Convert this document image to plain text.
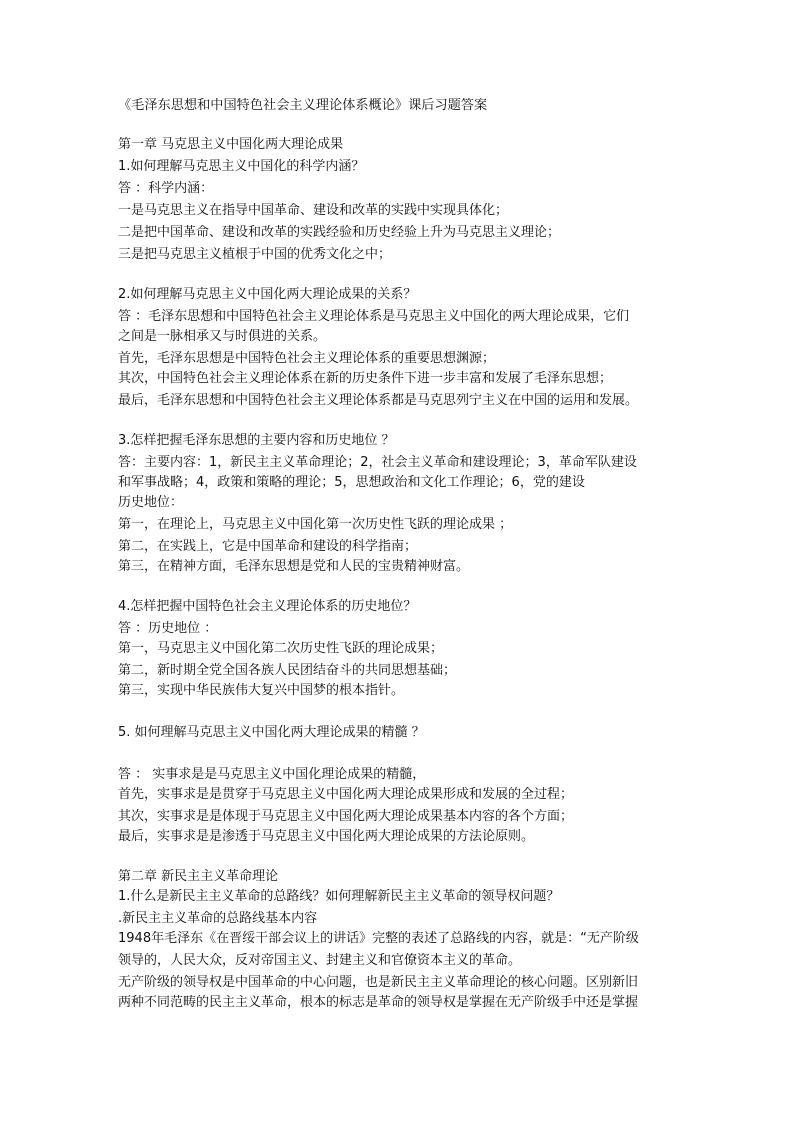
《毛泽东思想和中国特色社会主义理论体系概论》课后习题答案
第一章 马克思主义中国化两大理论成果
1.如何理解马克思主义中国化的科学内涵？
答 ：科学内涵：
一是马克思主义在指导中国革命、建设和改革的实践中实现具体化；
二是把中国革命、建设和改革的实践经验和历史经验上升为马克思主义理论；
三是把马克思主义植根于中国的优秀文化之中；
2.如何理解马克思主义中国化两大理论成果的关系？
答 ：毛泽东思想和中国特色社会主义理论体系是马克思主义中国化的两大理论成果，它们
之间是一脉相承又与时俱进的关系。
首先，毛泽东思想是中国特色社会主义理论体系的重要思想渊源；
其次，中国特色社会主义理论体系在新的历史条件下进一步丰富和发展了毛泽东思想；
最后，毛泽东思想和中国特色社会主义理论体系都是马克思列宁主义在中国的运用和发展。
3.怎样把握毛泽东思想的主要内容和历史地位 ？
答：主要内容：1，新民主主义革命理论；2，社会主义革命和建设理论；3，革命军队建设
和军事战略；4，政策和策略的理论；5，思想政治和文化工作理论；6，党的建设
历史地位：
第一，在理论上，马克思主义中国化第一次历史性飞跃的理论成果 ；
第二，在实践上，它是中国革命和建设的科学指南；
第三，在精神方面，毛泽东思想是党和人民的宝贵精神财富。
4.怎样把握中国特色社会主义理论体系的历史地位？
答 ：历史地位 ：
第一，马克思主义中国化第二次历史性飞跃的理论成果；
第二，新时期全党全国各族人民团结奋斗的共同思想基础；
第三，实现中华民族伟大复兴中国梦的根本指针。
5. 如何理解马克思主义中国化两大理论成果的精髓 ？
答 ： 实事求是是马克思主义中国化理论成果的精髓，
首先，实事求是是贯穿于马克思主义中国化两大理论成果形成和发展的全过程；
其次，实事求是是体现于马克思主义中国化两大理论成果基本内容的各个方面；
最后，实事求是是渗透于马克思主义中国化两大理论成果的方法论原则。
第二章 新民主主义革命理论
1.什么是新民主主义革命的总路线？如何理解新民主主义革命的领导权问题？
.新民主主义革命的总路线基本内容
1948年毛泽东《在晋绥干部会议上的讲话》完整的表述了总路线的内容，就是：“无产阶级
领导的，人民大众，反对帝国主义、封建主义和官僚资本主义的革命。
无产阶级的领导权是中国革命的中心问题，也是新民主主义革命理论的核心问题。区别新旧
两种不同范畴的民主主义革命，根本的标志是革命的领导权是掌握在无产阶级手中还是掌握
